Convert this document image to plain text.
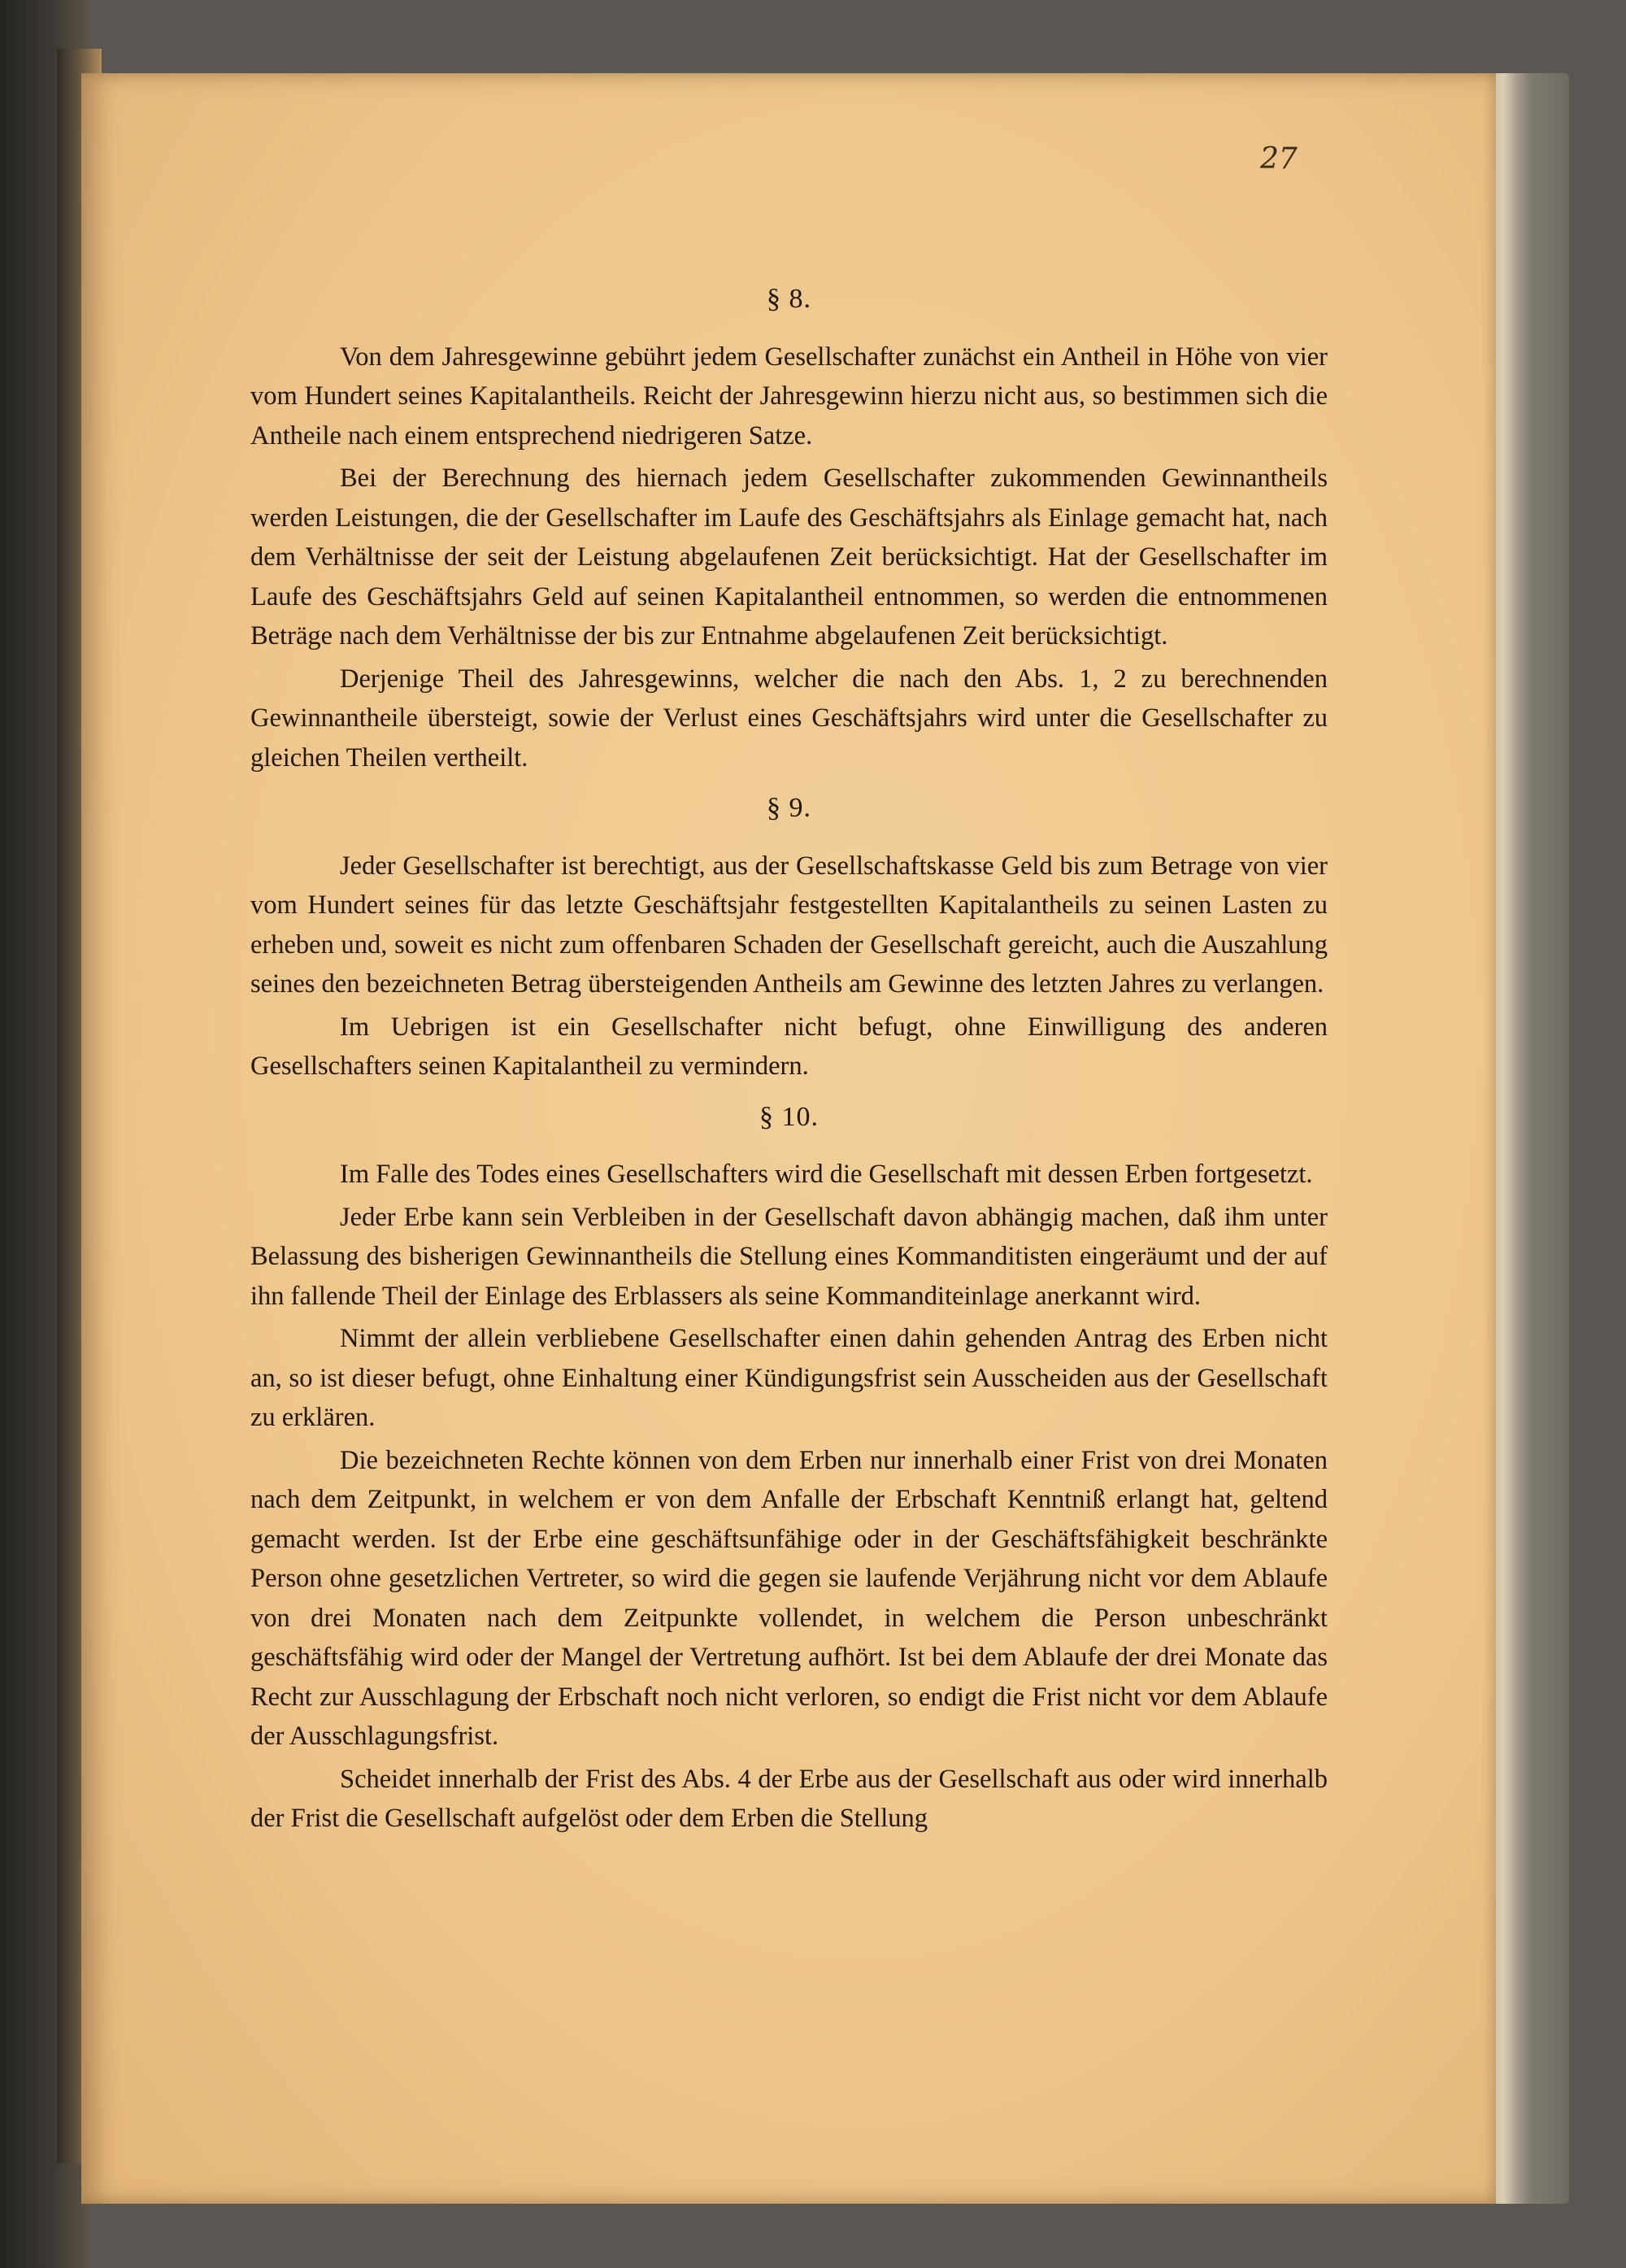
27
§ 8.

Von dem Jahresgewinne gebührt jedem Gesellschafter zunächst ein Antheil in Höhe von vier vom Hundert seines Kapitalantheils. Reicht der Jahresgewinn hierzu nicht aus, so bestimmen sich die Antheile nach einem entsprechend niedrigeren Satze.

Bei der Berechnung des hiernach jedem Gesellschafter zukommenden Gewinnantheils werden Leistungen, die der Gesellschafter im Laufe des Geschäftsjahrs als Einlage gemacht hat, nach dem Verhältnisse der seit der Leistung abgelaufenen Zeit berücksichtigt. Hat der Gesellschafter im Laufe des Geschäftsjahrs Geld auf seinen Kapitalantheil entnommen, so werden die entnommenen Beträge nach dem Verhältnisse der bis zur Entnahme abgelaufenen Zeit berücksichtigt.

Derjenige Theil des Jahresgewinns, welcher die nach den Abs. 1, 2 zu berechnenden Gewinnantheile übersteigt, sowie der Verlust eines Geschäftsjahrs wird unter die Gesellschafter zu gleichen Theilen vertheilt.

§ 9.

Jeder Gesellschafter ist berechtigt, aus der Gesellschaftskasse Geld bis zum Betrage von vier vom Hundert seines für das letzte Geschäftsjahr festgestellten Kapitalantheils zu seinen Lasten zu erheben und, soweit es nicht zum offenbaren Schaden der Gesellschaft gereicht, auch die Auszahlung seines den bezeichneten Betrag übersteigenden Antheils am Gewinne des letzten Jahres zu verlangen.

Im Uebrigen ist ein Gesellschafter nicht befugt, ohne Einwilligung des anderen Gesellschafters seinen Kapitalantheil zu vermindern.

§ 10.

Im Falle des Todes eines Gesellschafters wird die Gesellschaft mit dessen Erben fortgesetzt.

Jeder Erbe kann sein Verbleiben in der Gesellschaft davon abhängig machen, daß ihm unter Belassung des bisherigen Gewinnantheils die Stellung eines Kommanditisten eingeräumt und der auf ihn fallende Theil der Einlage des Erblassers als seine Kommanditeinlage anerkannt wird.

Nimmt der allein verbliebene Gesellschafter einen dahin gehenden Antrag des Erben nicht an, so ist dieser befugt, ohne Einhaltung einer Kündigungsfrist sein Ausscheiden aus der Gesellschaft zu erklären.

Die bezeichneten Rechte können von dem Erben nur innerhalb einer Frist von drei Monaten nach dem Zeitpunkt, in welchem er von dem Anfalle der Erbschaft Kenntniß erlangt hat, geltend gemacht werden. Ist der Erbe eine geschäftsunfähige oder in der Geschäftsfähigkeit beschränkte Person ohne gesetzlichen Vertreter, so wird die gegen sie laufende Verjährung nicht vor dem Ablaufe von drei Monaten nach dem Zeitpunkte vollendet, in welchem die Person unbeschränkt geschäftsfähig wird oder der Mangel der Vertretung aufhört. Ist bei dem Ablaufe der drei Monate das Recht zur Ausschlagung der Erbschaft noch nicht verloren, so endigt die Frist nicht vor dem Ablaufe der Ausschlagungsfrist.

Scheidet innerhalb der Frist des Abs. 4 der Erbe aus der Gesellschaft aus oder wird innerhalb der Frist die Gesellschaft aufgelöst oder dem Erben die Stellung
